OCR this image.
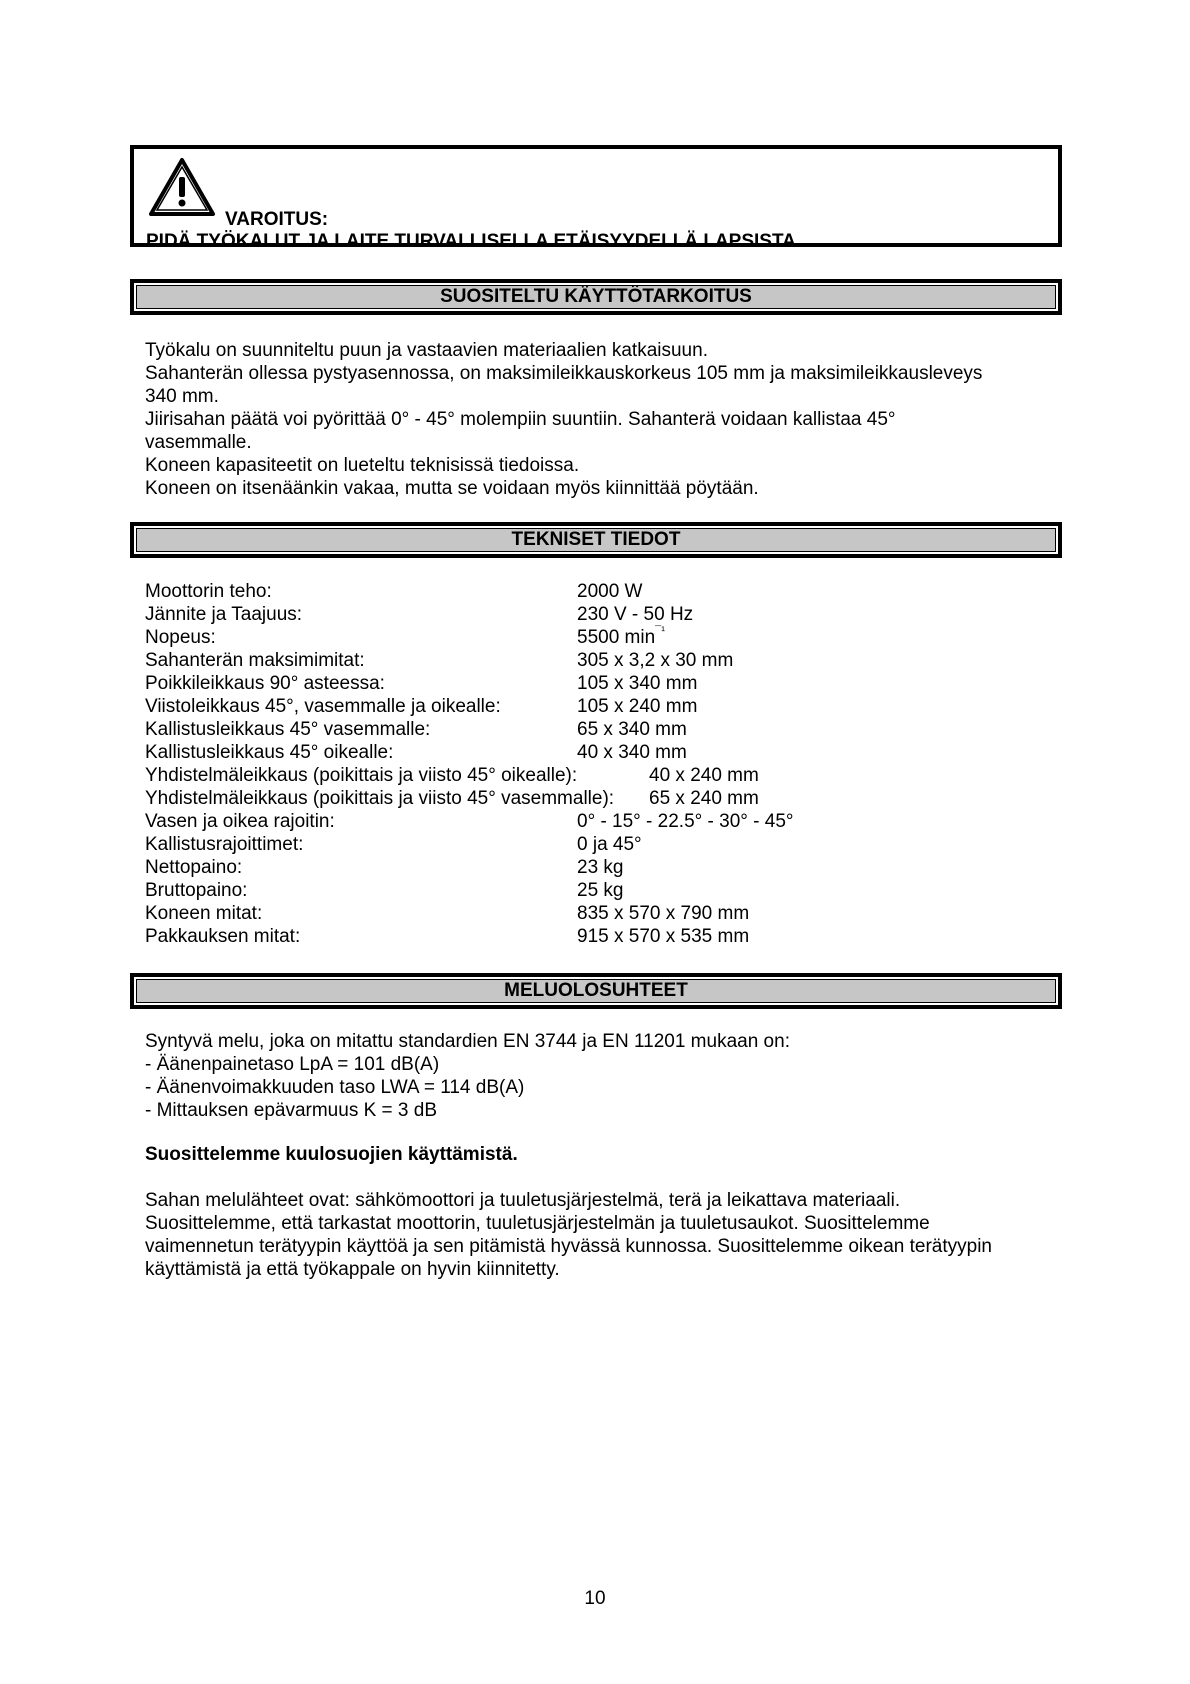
VAROITUS:
PIDÄ TYÖKALUT JA LAITE TURVALLISELLA ETÄISYYDELLÄ LAPSISTA
SUOSITELTU KÄYTTÖTARKOITUS

Työkalu on suunniteltu puun ja vastaavien materiaalien katkaisuun.

Sahanterän ollessa pystyasennossa, on maksimileikkauskorkeus 105 mm ja maksimileikkausleveys

340 mm.

Jiirisahan päätä voi pyörittää 0° - 45° molempiin suuntiin. Sahanterä voidaan kallistaa 45°

vasemmalle.

Koneen kapasiteetit on lueteltu teknisissä tiedoissa.

Koneen on itsenäänkin vakaa, mutta se voidaan myös kiinnittää pöytään.

TEKNISET TIEDOT
Moottorin teho:	2000 W
Jännite ja Taajuus:	230 V - 50 Hz
Nopeus:	5500 $\min^{¯^1}$
Sahanterän maksimimitat:	305 x 3,2 x 30 mm
Poikkileikkaus 90° asteessa:	105 x 340 mm
Viistoleikkaus 45°, vasemmalle ja oikealle:	105 x 240 mm
Kallistusleikkaus 45° vasemmalle:	65 x 340 mm
Kallistusleikkaus 45° oikealle:	40 x 340 mm
Yhdistelmäleikkaus (poikittais ja viisto 45° oikealle):	40 x 240 mm
Yhdistelmäleikkaus (poikittais ja viisto 45° vasemmalle): 65 x 240 mm
Vasen ja oikea rajoitin:	0° - 15° - 22.5° - 30° - 45°
Kallistusrajoittimet:	0 ja 45°
Nettopaino:	23 kg
Bruttopaino:	25 kg
Koneen mitat:	835 x 570 x 790 mm
Pakkauksen mitat:	915 x 570 x 535 mm
MELUOLOSUHTEET

Syntyvä melu, joka on mitattu standardien EN 3744 ja EN 11201 mukaan on:

- Äänenpainetaso LpA = 101 dB(A)

- Äänenvoimakkuuden taso LWA = 114 dB(A)

- Mittauksen epävarmuus K = 3 dB

Suosittelemme kuulosuojien käyttämistä.

Sahan melulähteet ovat: sähkömoottori ja tuuletusjärjestelmä, terä ja leikattava materiaali.

Suosittelemme, että tarkastat moottorin, tuuletusjärjestelmän ja tuuletusaukot. Suosittelemme

vaimennetun terätyypin käyttöä ja sen pitämistä hyvässä kunnossa. Suosittelemme oikean terätyypin

käyttämistä ja että työkappale on hyvin kiinnitetty.

10
